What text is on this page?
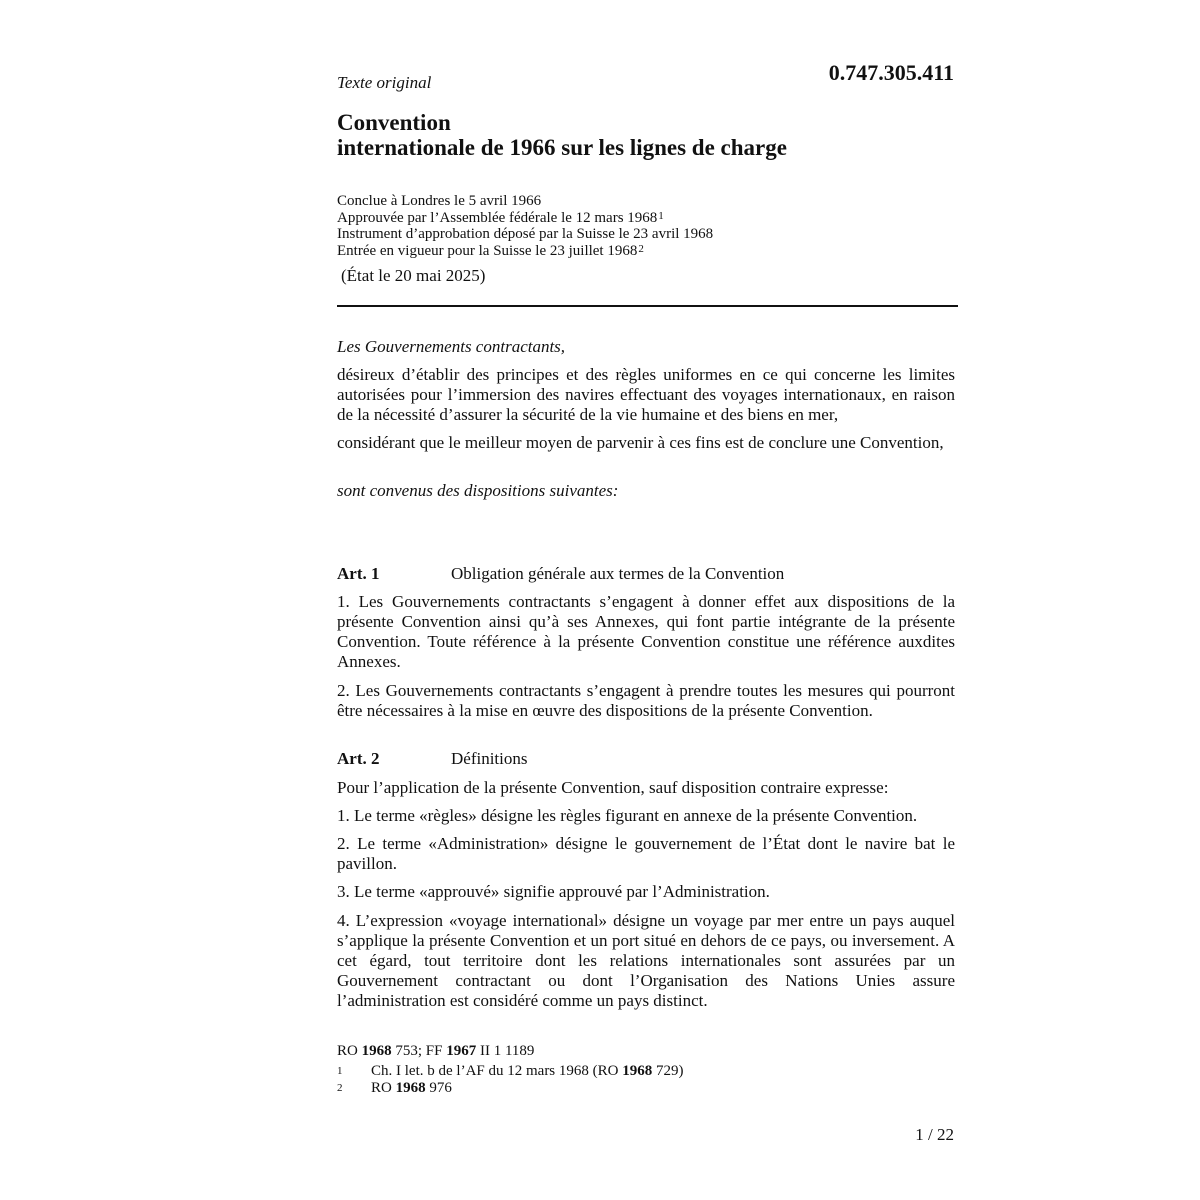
Texte original	0.747.305.411
Convention
internationale de 1966 sur les lignes de charge
Conclue à Londres le 5 avril 1966
Approuvée par l’Assemblée fédérale le 12 mars 1968$^1$
Instrument d’approbation déposé par la Suisse le 23 avril 1968
Entrée en vigueur pour la Suisse le 23 juillet 1968$^2$
(État le 20 mai 2025)
Les Gouvernements contractants,
désireux d’établir des principes et des règles uniformes en ce qui concerne les limites autorisées pour l’immersion des navires effectuant des voyages internationaux, en raison de la nécessité d’assurer la sécurité de la vie humaine et des biens en mer,
considérant que le meilleur moyen de parvenir à ces fins est de conclure une Convention,
sont convenus des dispositions suivantes:
Art. 1	Obligation générale aux termes de la Convention
1. Les Gouvernements contractants s’engagent à donner effet aux dispositions de la présente Convention ainsi qu’à ses Annexes, qui font partie intégrante de la présente Convention. Toute référence à la présente Convention constitue une référence auxdites Annexes.
2. Les Gouvernements contractants s’engagent à prendre toutes les mesures qui pourront être nécessaires à la mise en œuvre des dispositions de la présente Convention.
Art. 2	Définitions
Pour l’application de la présente Convention, sauf disposition contraire expresse:
1. Le terme «règles» désigne les règles figurant en annexe de la présente Convention.
2. Le terme «Administration» désigne le gouvernement de l’État dont le navire bat le pavillon.
3. Le terme «approuvé» signifie approuvé par l’Administration.
4. L’expression «voyage international» désigne un voyage par mer entre un pays auquel s’applique la présente Convention et un port situé en dehors de ce pays, ou inversement. A cet égard, tout territoire dont les relations internationales sont assurées par un Gouvernement contractant ou dont l’Organisation des Nations Unies assure l’administration est considéré comme un pays distinct.
RO 1968 753; FF 1967 II 1 1189
1 Ch. I let. b de l’AF du 12 mars 1968 (RO 1968 729)
2 RO 1968 976
1 / 22
